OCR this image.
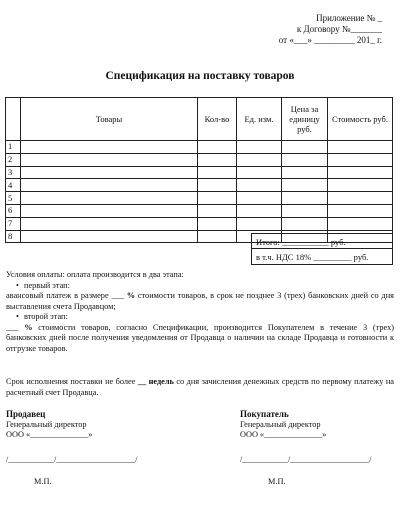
Приложение № _
к Договору №_______
от «___» _________ 201_ г.
Спецификация на поставку товаров
	Товары	Кол-во	Ед. изм.	Цена за единицу руб.	Стоимость руб.
1					
2					
3					
4					
5					
6					
7					
8					
Итого: ___________ руб.
в т.ч. НДС 18% _________ руб.

Условия оплаты: оплата производится в два этапа:

• первый этап:

авансовый платеж в размере ___ % стоимости товаров, в срок не позднее 3 (трех) банковских дней со дня выставления счета Продавцом;

• второй этап:

___ % стоимости товаров, согласно Спецификации, производится Покупателем в течение 3 (трех) банковских дней после получения уведомления от Продавца о наличии на складе Продавца и готовности к отгрузке товаров.

Срок исполнения поставки не более __ недель со дня зачисления денежных средств по первому платежу на расчетный счет Продавца.
Продавец
Генеральный директор
ООО «______________»
/___________/___________________/
М.П.
Покупатель
Генеральный директор
ООО «______________»
/___________/___________________/
М.П.
